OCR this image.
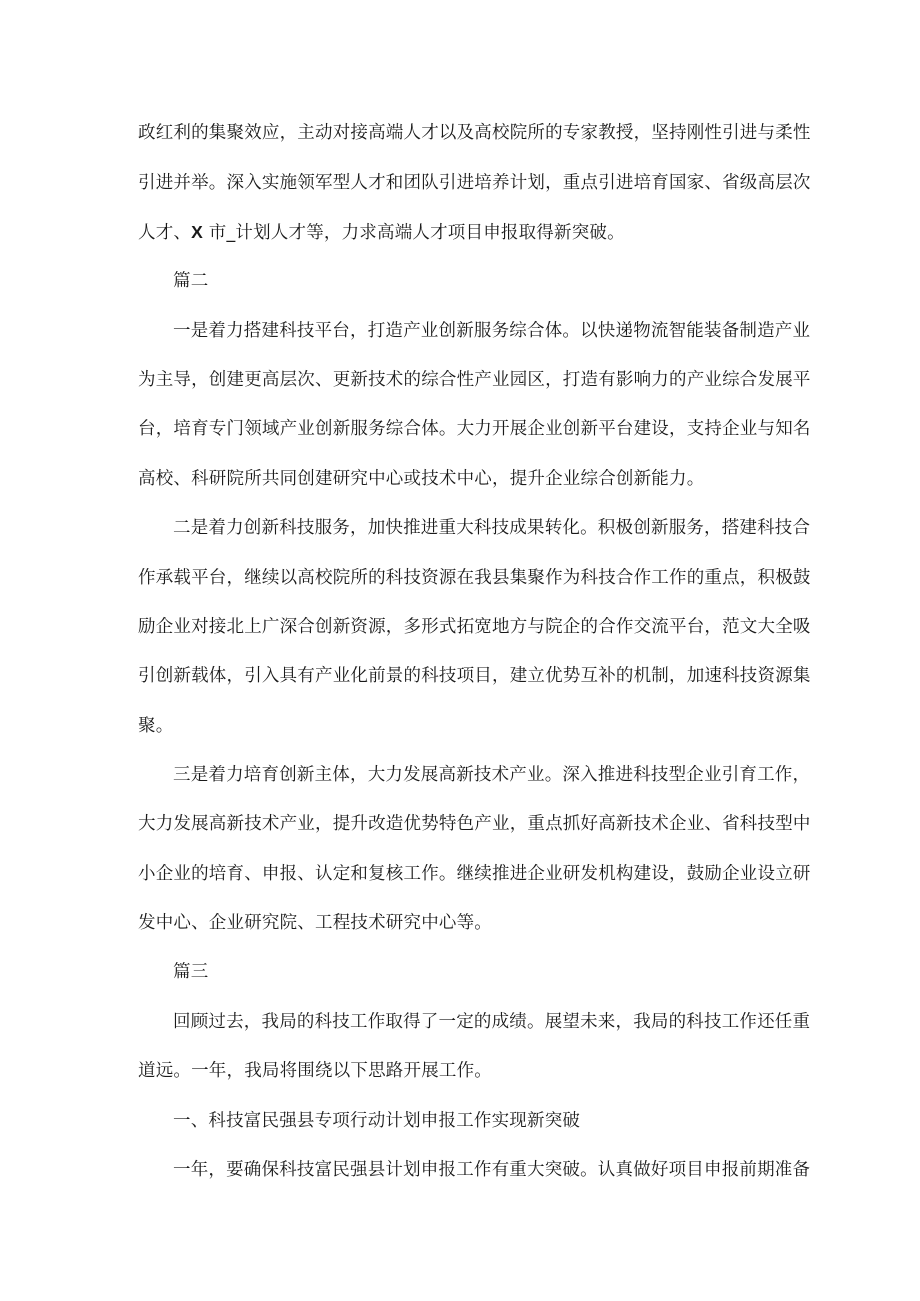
政红利的集聚效应，主动对接高端人才以及高校院所的专家教授，坚持刚性引进与柔性
引进并举。深入实施领军型人才和团队引进培养计划，重点引进培育国家、省级高层次
人才、X 市_计划人才等，力求高端人才项目申报取得新突破。
篇二
一是着力搭建科技平台，打造产业创新服务综合体。以快递物流智能装备制造产业
为主导，创建更高层次、更新技术的综合性产业园区，打造有影响力的产业综合发展平
台，培育专门领域产业创新服务综合体。大力开展企业创新平台建设，支持企业与知名
高校、科研院所共同创建研究中心或技术中心，提升企业综合创新能力。
二是着力创新科技服务，加快推进重大科技成果转化。积极创新服务，搭建科技合
作承载平台，继续以高校院所的科技资源在我县集聚作为科技合作工作的重点，积极鼓
励企业对接北上广深合创新资源，多形式拓宽地方与院企的合作交流平台，范文大全吸
引创新载体，引入具有产业化前景的科技项目，建立优势互补的机制，加速科技资源集
聚。
三是着力培育创新主体，大力发展高新技术产业。深入推进科技型企业引育工作，
大力发展高新技术产业，提升改造优势特色产业，重点抓好高新技术企业、省科技型中
小企业的培育、申报、认定和复核工作。继续推进企业研发机构建设，鼓励企业设立研
发中心、企业研究院、工程技术研究中心等。
篇三
回顾过去，我局的科技工作取得了一定的成绩。展望未来，我局的科技工作还任重
道远。一年，我局将围绕以下思路开展工作。
一、科技富民强县专项行动计划申报工作实现新突破
一年，要确保科技富民强县计划申报工作有重大突破。认真做好项目申报前期准备
